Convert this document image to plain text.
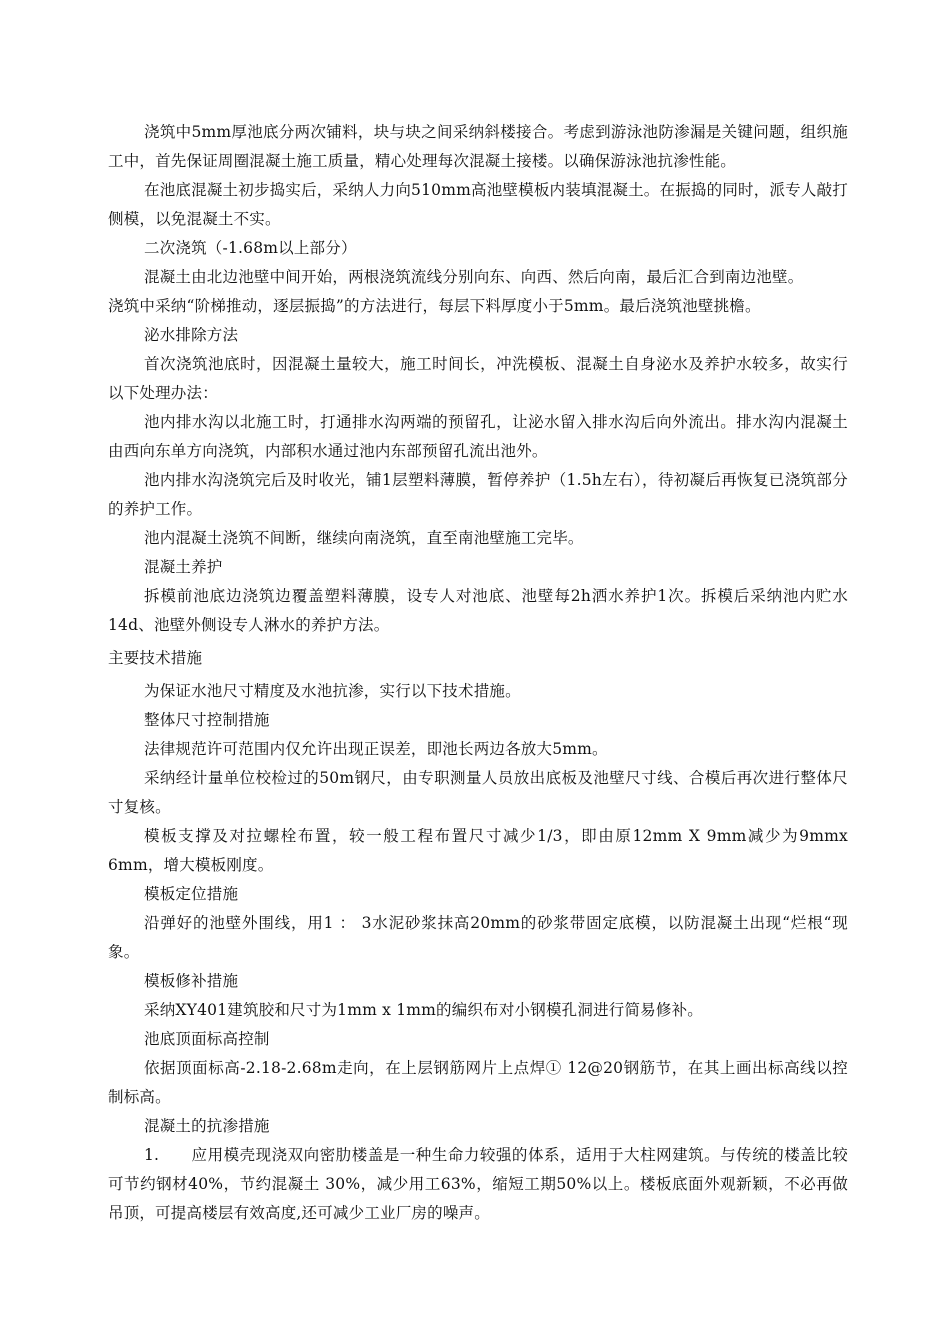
浇筑中5mm厚池底分两次铺料，块与块之间采纳斜楼接合。考虑到游泳池防渗漏是关键问题，组织施工中，首先保证周圈混凝土施工质量，精心处理每次混凝土接楼。以确保游泳池抗渗性能。

在池底混凝土初步捣实后，采纳人力向510mm高池壁模板内装填混凝土。在振捣的同时，派专人敲打侧模，以免混凝土不实。

二次浇筑（-1.68m以上部分）

混凝土由北边池壁中间开始，两根浇筑流线分别向东、向西、然后向南，最后汇合到南边池壁。

浇筑中采纳“阶梯推动，逐层振捣”的方法进行，每层下料厚度小于5mm。最后浇筑池壁挑檐。

泌水排除方法

首次浇筑池底时，因混凝土量较大，施工时间长，冲洗模板、混凝土自身泌水及养护水较多，故实行以下处理办法：

池内排水沟以北施工时，打通排水沟两端的预留孔，让泌水留入排水沟后向外流出。排水沟内混凝土由西向东单方向浇筑，内部积水通过池内东部预留孔流出池外。

池内排水沟浇筑完后及时收光，铺1层塑料薄膜，暂停养护（1.5h左右），待初凝后再恢复已浇筑部分的养护工作。

池内混凝土浇筑不间断，继续向南浇筑，直至南池壁施工完毕。

混凝土养护

拆模前池底边浇筑边覆盖塑料薄膜，设专人对池底、池壁每2h洒水养护1次。拆模后采纳池内贮水14d、池壁外侧设专人淋水的养护方法。

主要技术措施

为保证水池尺寸精度及水池抗渗，实行以下技术措施。

整体尺寸控制措施

法律规范许可范围内仅允许出现正误差，即池长两边各放大5mm。

采纳经计量单位校检过的50m钢尺，由专职测量人员放出底板及池壁尺寸线、合模后再次进行整体尺寸复核。

模板支撑及对拉螺栓布置，较一般工程布置尺寸减少1/3，即由原12mm X 9mm减少为9mmx 6mm，增大模板刚度。

模板定位措施

沿弹好的池壁外围线，用1 ： 3水泥砂浆抹高20mm的砂浆带固定底模，以防混凝土出现“烂根“现象。

模板修补措施

采纳XY401建筑胶和尺寸为1mm x 1mm的编织布对小钢模孔洞进行简易修补。

池底顶面标高控制

依据顶面标高-2.18-2.68m走向，在上层钢筋网片上点焊① 12@20钢筋节，在其上画出标高线以控制标高。

混凝土的抗渗措施

1.　　应用模壳现浇双向密肋楼盖是一种生命力较强的体系，适用于大柱网建筑。与传统的楼盖比较可节约钢材40%，节约混凝土 30%，减少用工63%，缩短工期50%以上。楼板底面外观新颖，不必再做吊顶，可提高楼层有效高度,还可减少工业厂房的噪声。
